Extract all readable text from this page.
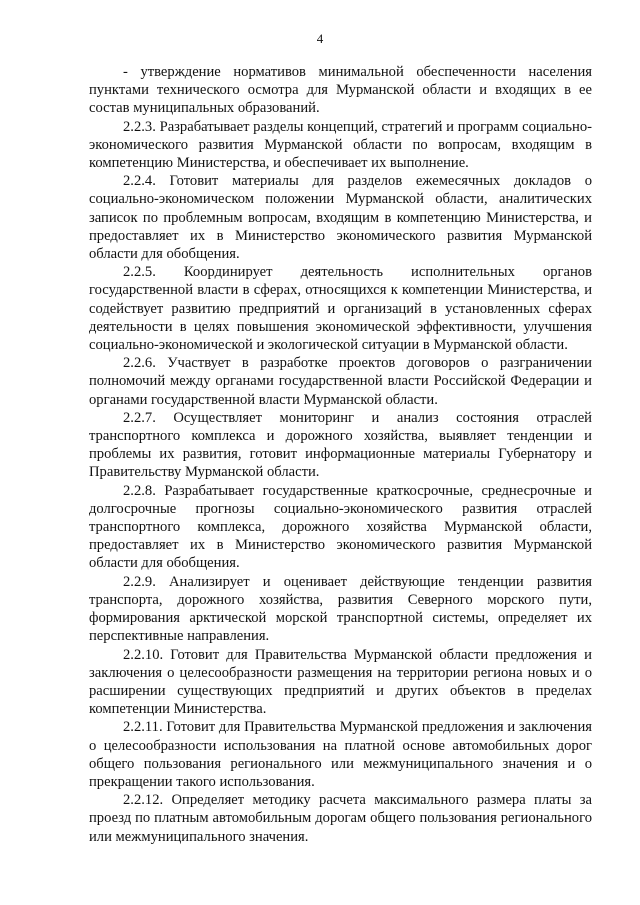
4

- утверждение нормативов минимальной обеспеченности населения пунктами технического осмотра для Мурманской области и входящих в ее состав муниципальных образований.

2.2.3. Разрабатывает разделы концепций, стратегий и программ социально-экономического развития Мурманской области по вопросам, входящим в компетенцию Министерства, и обеспечивает их выполнение.

2.2.4. Готовит материалы для разделов ежемесячных докладов о социально-экономическом положении Мурманской области, аналитических записок по проблемным вопросам, входящим в компетенцию Министерства, и предоставляет их в Министерство экономического развития Мурманской области для обобщения.

2.2.5. Координирует деятельность исполнительных органов государственной власти в сферах, относящихся к компетенции Министерства, и содействует развитию предприятий и организаций в установленных сферах деятельности в целях повышения экономической эффективности, улучшения социально-экономической и экологической ситуации в Мурманской области.

2.2.6. Участвует в разработке проектов договоров о разграничении полномочий между органами государственной власти Российской Федерации и органами государственной власти Мурманской области.

2.2.7. Осуществляет мониторинг и анализ состояния отраслей транспортного комплекса и дорожного хозяйства, выявляет тенденции и проблемы их развития, готовит информационные материалы Губернатору и Правительству Мурманской области.

2.2.8. Разрабатывает государственные краткосрочные, среднесрочные и долгосрочные прогнозы социально-экономического развития отраслей транспортного комплекса, дорожного хозяйства Мурманской области, предоставляет их в Министерство экономического развития Мурманской области для обобщения.

2.2.9. Анализирует и оценивает действующие тенденции развития транспорта, дорожного хозяйства, развития Северного морского пути, формирования арктической морской транспортной системы, определяет их перспективные направления.

2.2.10. Готовит для Правительства Мурманской области предложения и заключения о целесообразности размещения на территории региона новых и о расширении существующих предприятий и других объектов в пределах компетенции Министерства.

2.2.11. Готовит для Правительства Мурманской предложения и заключения о целесообразности использования на платной основе автомобильных дорог общего пользования регионального или межмуниципального значения и о прекращении такого использования.

2.2.12. Определяет методику расчета максимального размера платы за проезд по платным автомобильным дорогам общего пользования регионального или межмуниципального значения.
